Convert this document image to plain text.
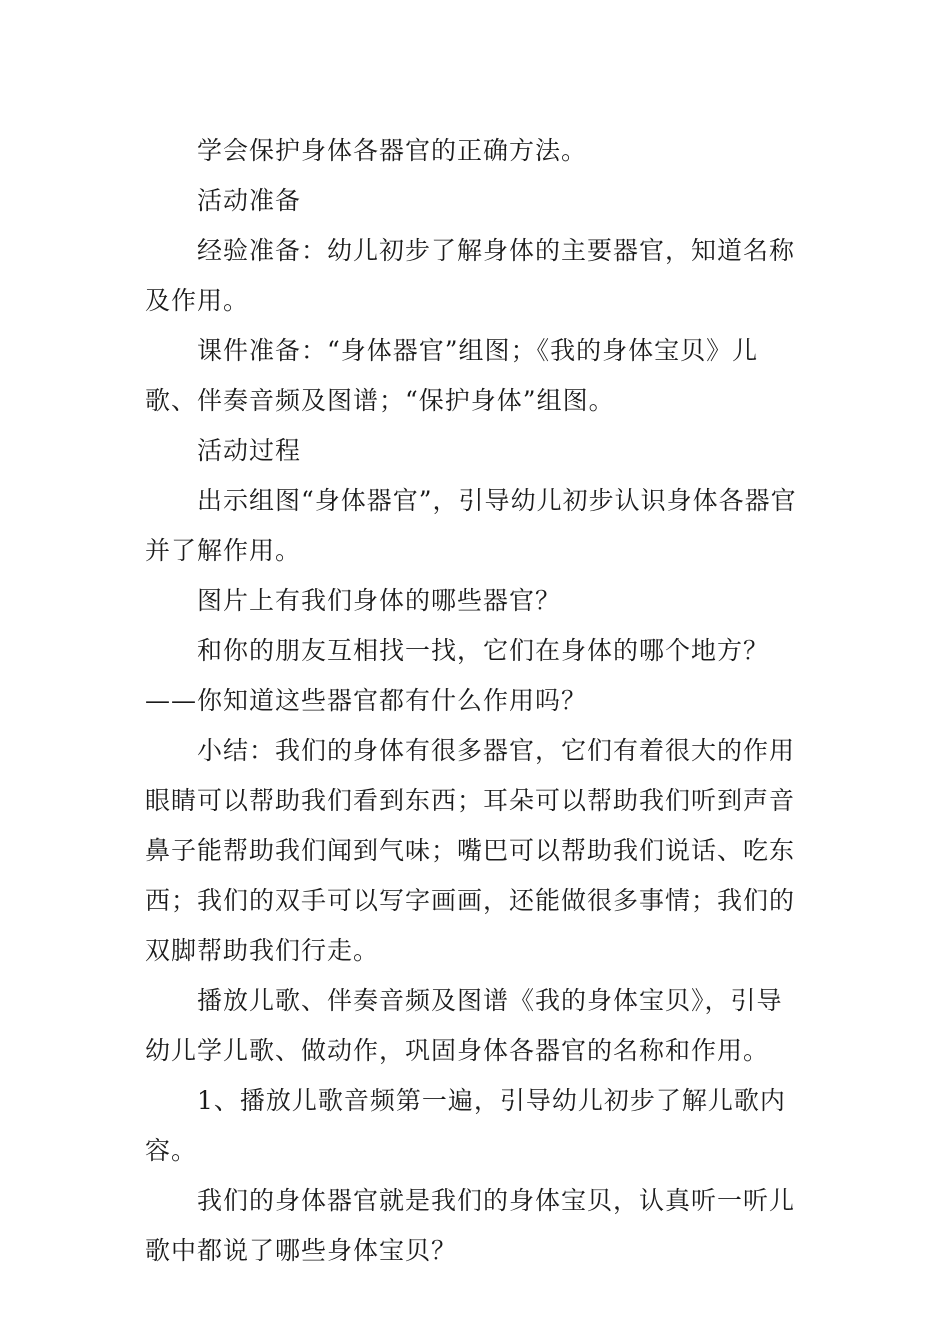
学会保护身体各器官的正确方法。

活动准备

经验准备：幼儿初步了解身体的主要器官，知道名称及作用。

课件准备：“身体器官”组图；《我的身体宝贝》儿歌、伴奏音频及图谱；“保护身体”组图。

活动过程

出示组图“身体器官”，引导幼儿初步认识身体各器官并了解作用。

图片上有我们身体的哪些器官？

和你的朋友互相找一找，它们在身体的哪个地方？——你知道这些器官都有什么作用吗？

小结：我们的身体有很多器官，它们有着很大的作用眼睛可以帮助我们看到东西；耳朵可以帮助我们听到声音鼻子能帮助我们闻到气味；嘴巴可以帮助我们说话、吃东西；我们的双手可以写字画画，还能做很多事情；我们的双脚帮助我们行走。

播放儿歌、伴奏音频及图谱《我的身体宝贝》，引导幼儿学儿歌、做动作，巩固身体各器官的名称和作用。

1、播放儿歌音频第一遍，引导幼儿初步了解儿歌内容。

我们的身体器官就是我们的身体宝贝，认真听一听儿歌中都说了哪些身体宝贝？
